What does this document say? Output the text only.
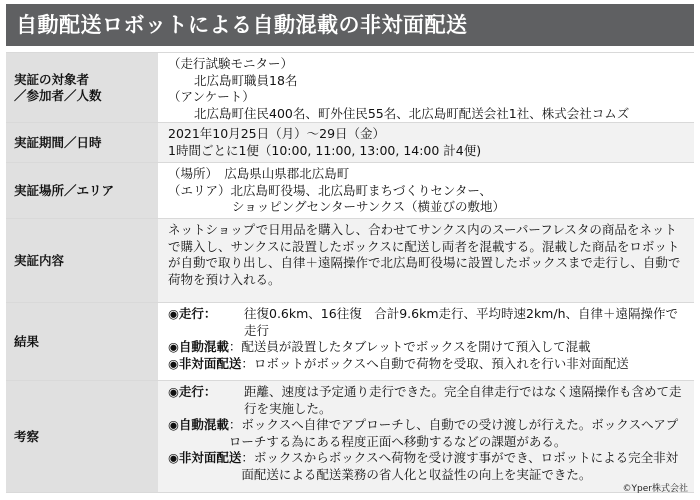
自動配送ロボットによる自動混載の非対面配送
実証の対象者
／参加者／人数
（走行試験モニター）
北広島町職員18名
（アンケート）
北広島町住民400名、町外住民55名、北広島町配送会社1社、株式会社コムズ
実証期間／日時
2021年10月25日（月）～29日（金）
1時間ごとに1便（10:00, 11:00, 13:00, 14:00 計4便)
実証場所／エリア
（場所）　広島県山県郡北広島町
（エリア）北広島町役場、北広島町まちづくりセンター、
ショッピングセンターサンクス（横並びの敷地）
実証内容
ネットショップで日用品を購入し、合わせてサンクス内のスーパーフレスタの商品をネットで購入し、サンクスに設置したボックスに配送し両者を混載する。混載した商品をロボットが自動で取り出し、自律＋遠隔操作で北広島町役場に設置したボックスまで走行し、自動で荷物を預け入れる。
結果
◉走行：	往復0.6km、16往復　合計9.6km走行、平均時速2km/h、自律＋遠隔操作で走行
◉自動混載 ：配送員が設置したタブレットでボックスを開けて預入して混載
◉非対面配送 ：ロボットがボックスへ自動で荷物を受取、預入れを行い非対面配送
考察
◉走行：	距離、速度は予定通り走行できた。完全自律走行ではなく遠隔操作も含めて走行を実施した。
◉自動混載 ：ボックスへ自律でアプローチし、自動での受け渡しが行えた。ボックスへアプローチする為にある程度正面へ移動するなどの課題がある。
◉非対面配送 ：ボックスからボックスへ荷物を受け渡す事ができ、ロボットによる完全非対面配送による配送業務の省人化と収益性の向上を実証できた。
©Yper株式会社
